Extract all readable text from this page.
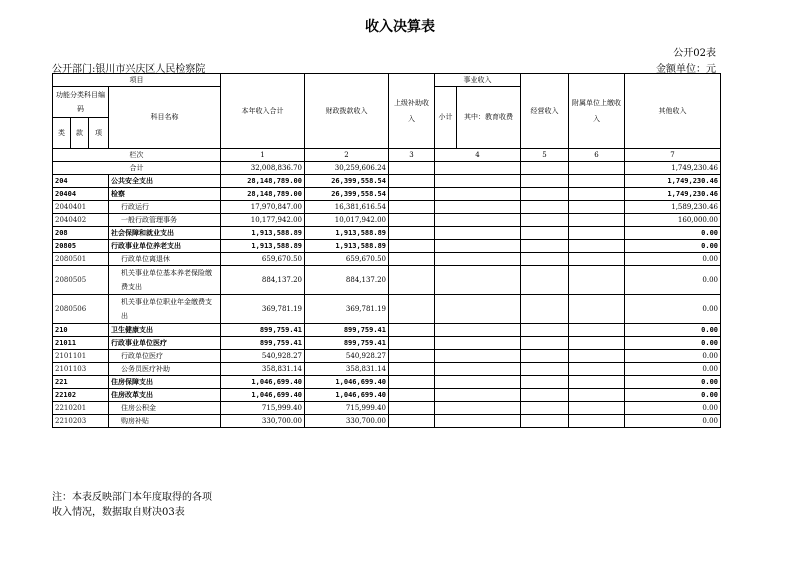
收入决算表
公开02表
公开部门:银川市兴庆区人民检察院	金额单位：元
项目				本年收入合计	财政拨款收入	上级补助收入	事业收入		经营收入	附属单位上缴收入	其他收入
功能分类科目编码			科目名称								
							小计	其中：教育收费			
类	款	项									
栏次				1	2	3	4		5	6	7
合计				32,008,836.70	30,259,606.24						1,749,230.46
204			公共安全支出	28,148,789.00	26,399,558.54						1,749,230.46
20404			检察	28,148,789.00	26,399,558.54						1,749,230.46
2040401			行政运行	17,970,847.00	16,381,616.54						1,589,230.46
2040402			一般行政管理事务	10,177,942.00	10,017,942.00						160,000.00
208			社会保障和就业支出	1,913,588.89	1,913,588.89						0.00
20805			行政事业单位养老支出	1,913,588.89	1,913,588.89						0.00
2080501			行政单位离退休	659,670.50	659,670.50						0.00
2080505			机关事业单位基本养老保险缴费支出	884,137.20	884,137.20						0.00
2080506			机关事业单位职业年金缴费支出	369,781.19	369,781.19						0.00
210			卫生健康支出	899,759.41	899,759.41						0.00
21011			行政事业单位医疗	899,759.41	899,759.41						0.00
2101101			行政单位医疗	540,928.27	540,928.27						0.00
2101103			公务员医疗补助	358,831.14	358,831.14						0.00
221			住房保障支出	1,046,699.40	1,046,699.40						0.00
22102			住房改革支出	1,046,699.40	1,046,699.40						0.00
2210201			住房公积金	715,999.40	715,999.40						0.00
2210203			购房补贴	330,700.00	330,700.00						0.00
注：本表反映部门本年度取得的各项
收入情况，数据取自财决03表
